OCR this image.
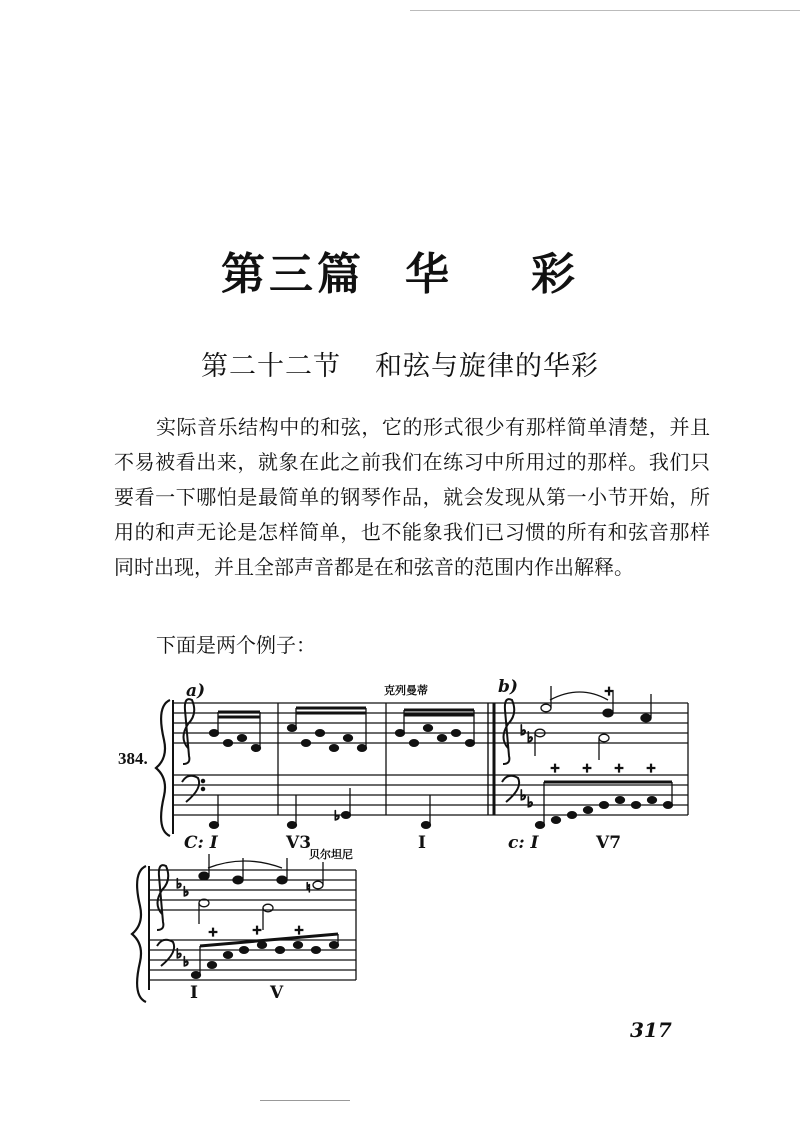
第三篇 华 彩
第二十二节 和弦与旋律的华彩
实际音乐结构中的和弦，它的形式很少有那样简单清楚，并且不易被看出来，就象在此之前我们在练习中所用过的那样。我们只要看一下哪怕是最简单的钢琴作品，就会发现从第一小节开始，所用的和声无论是怎样简单，也不能象我们已习惯的所有和弦音那样同时出现，并且全部声音都是在和弦音的范围内作出解释。
下面是两个例子：
♭
♭ ♭
♭ ♭
+ + + +
+
♭
♭
♭
♭
♮
+	+	+
384.
a)	b)
克列曼蒂
贝尔坦尼
C: I	V3	I	c: I	V7
I	V
317
